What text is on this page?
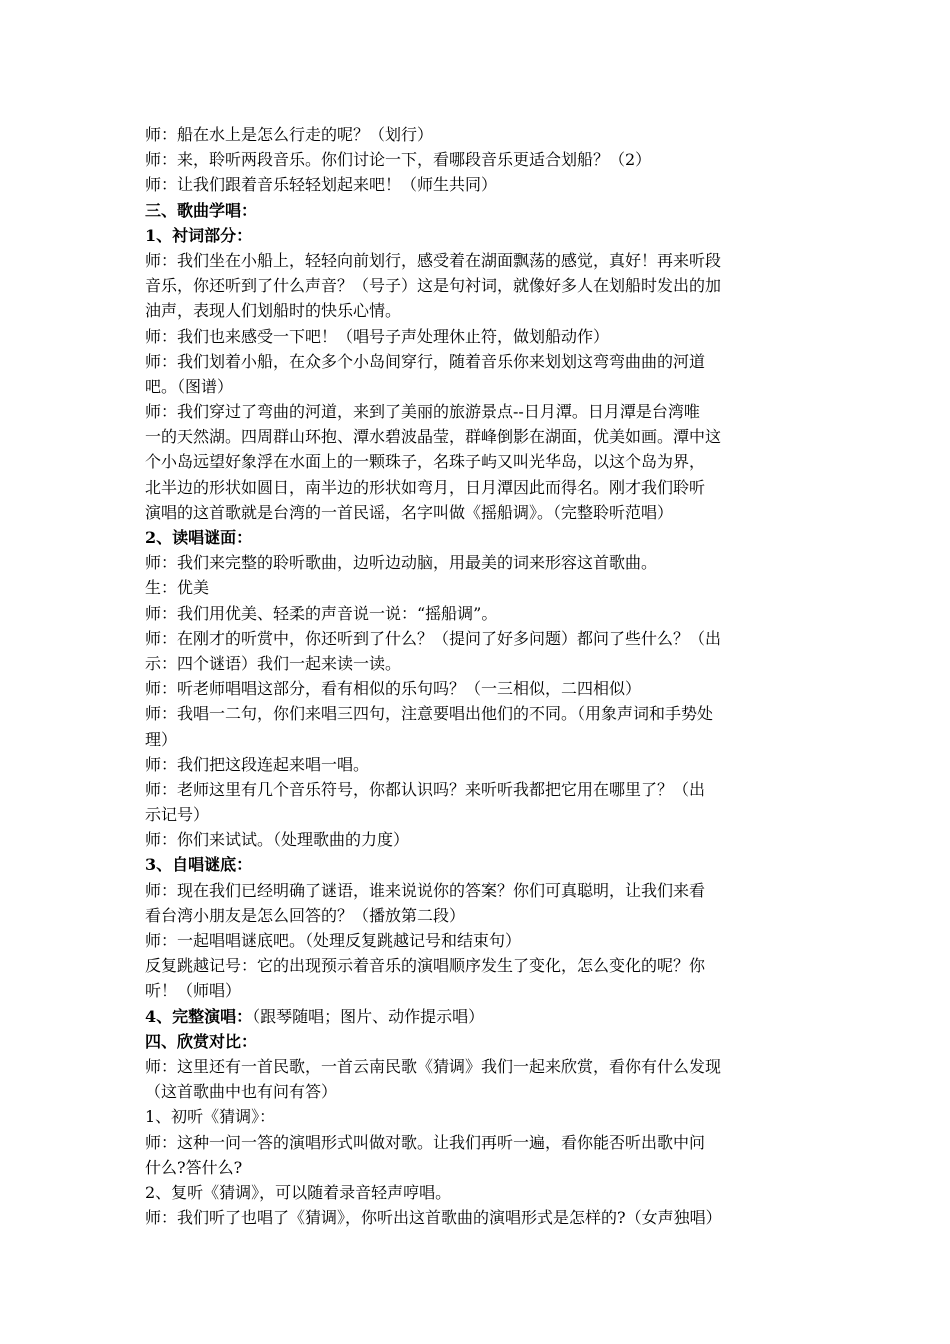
师：船在水上是怎么行走的呢？（划行）
师：来，聆听两段音乐。你们讨论一下，看哪段音乐更适合划船？（2）
师：让我们跟着音乐轻轻划起来吧！（师生共同）
三、歌曲学唱：
1、衬词部分：
师：我们坐在小船上，轻轻向前划行，感受着在湖面飘荡的感觉，真好！再来听段
音乐，你还听到了什么声音？（号子）这是句衬词，就像好多人在划船时发出的加
油声，表现人们划船时的快乐心情。
师：我们也来感受一下吧！（唱号子声处理休止符，做划船动作）
师：我们划着小船，在众多个小岛间穿行，随着音乐你来划划这弯弯曲曲的河道
吧。（图谱）
师：我们穿过了弯曲的河道，来到了美丽的旅游景点--日月潭。日月潭是台湾唯
一的天然湖。四周群山环抱、潭水碧波晶莹，群峰倒影在湖面，优美如画。潭中这
个小岛远望好象浮在水面上的一颗珠子，名珠子屿又叫光华岛，以这个岛为界，
北半边的形状如圆日，南半边的形状如弯月，日月潭因此而得名。刚才我们聆听
演唱的这首歌就是台湾的一首民谣，名字叫做《摇船调》。（完整聆听范唱）
2、读唱谜面：
师：我们来完整的聆听歌曲，边听边动脑，用最美的词来形容这首歌曲。
生：优美
师：我们用优美、轻柔的声音说一说：“摇船调”。
师：在刚才的听赏中，你还听到了什么？（提问了好多问题）都问了些什么？（出
示：四个谜语）我们一起来读一读。
师：听老师唱唱这部分，看有相似的乐句吗？（一三相似，二四相似）
师：我唱一二句，你们来唱三四句，注意要唱出他们的不同。（用象声词和手势处
理）
师：我们把这段连起来唱一唱。
师：老师这里有几个音乐符号，你都认识吗？来听听我都把它用在哪里了？（出
示记号）
师：你们来试试。（处理歌曲的力度）
3、自唱谜底：
师：现在我们已经明确了谜语，谁来说说你的答案？你们可真聪明，让我们来看
看台湾小朋友是怎么回答的？（播放第二段）
师：一起唱唱谜底吧。（处理反复跳越记号和结束句）
反复跳越记号：它的出现预示着音乐的演唱顺序发生了变化，怎么变化的呢？你
听！（师唱）
4、完整演唱：（跟琴随唱；图片、动作提示唱）
四、欣赏对比：
师：这里还有一首民歌，一首云南民歌《猜调》我们一起来欣赏，看你有什么发现
（这首歌曲中也有问有答）
1、初听《猜调》：
师：这种一问一答的演唱形式叫做对歌。让我们再听一遍，看你能否听出歌中问
什么?答什么?
2、复听《猜调》，可以随着录音轻声哼唱。
师：我们听了也唱了《猜调》，你听出这首歌曲的演唱形式是怎样的?（女声独唱）
